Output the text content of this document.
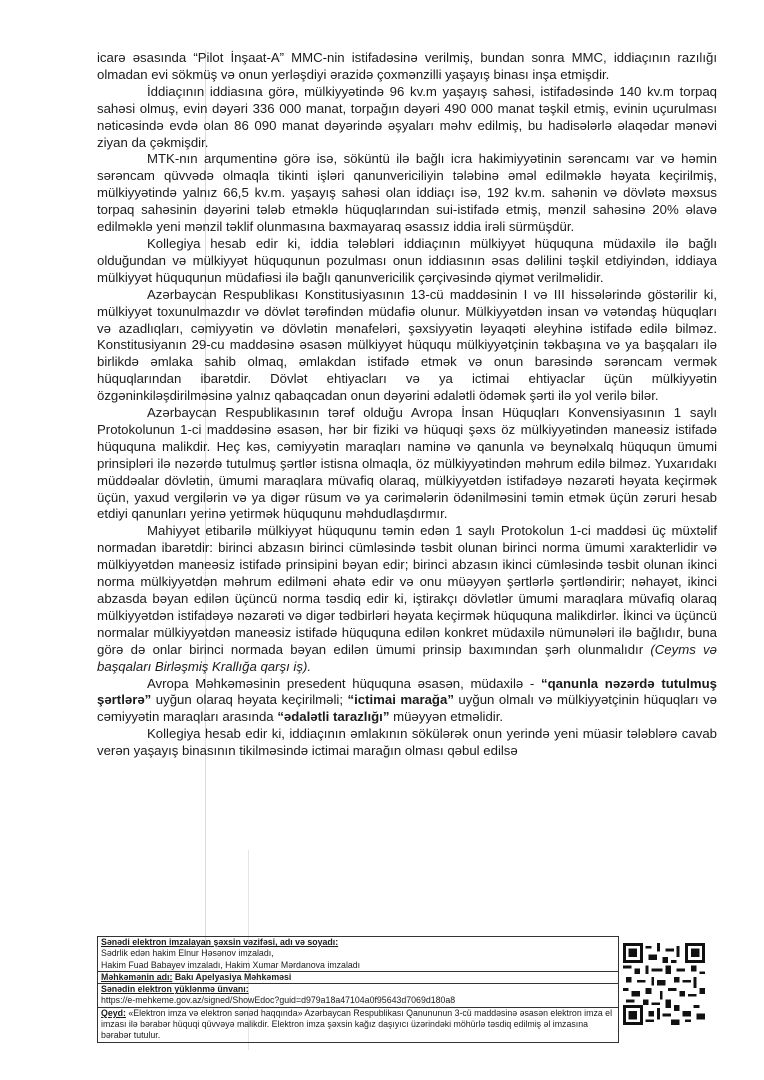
icarə əsasında “Pilot İnşaat-A” MMC-nin istifadəsinə verilmiş, bundan sonra MMC, iddiaçının razılığı olmadan evi sökmüş və onun yerləşdiyi ərazidə çoxmənzilli yaşayış binası inşa etmişdir.

İddiaçının iddiasına görə, mülkiyyətində 96 kv.m yaşayış sahəsi, istifadəsində 140 kv.m torpaq sahəsi olmuş, evin dəyəri 336 000 manat, torpağın dəyəri 490 000 manat təşkil etmiş, evinin uçurulması nəticəsində evdə olan 86 090 manat dəyərində əşyaları məhv edilmiş, bu hadisələrlə əlaqədar mənəvi ziyan da çəkmişdir.

MTK-nın arqumentinə görə isə, söküntü ilə bağlı icra hakimiyyətinin sərəncamı var və həmin sərəncam qüvvədə olmaqla tikinti işləri qanunvericiliyin tələbinə əməl edilməklə həyata keçirilmiş, mülkiyyətində yalnız 66,5 kv.m. yaşayış sahəsi olan iddiaçı isə, 192 kv.m. sahənin və dövlətə məxsus torpaq sahəsinin dəyərini tələb etməklə hüquqlarından sui-istifadə etmiş, mənzil sahəsinə 20% əlavə edilməklə yeni mənzil təklif olunmasına baxmayaraq əsassız iddia irəli sürmüşdür.

Kollegiya hesab edir ki, iddia tələbləri iddiaçının mülkiyyət hüququna müdaxilə ilə bağlı olduğundan və mülkiyyət hüququnun pozulması onun iddiasının əsas dəlilini təşkil etdiyindən, iddiaya mülkiyyət hüququnun müdafiəsi ilə bağlı qanunvericilik çərçivəsində qiymət verilməlidir.

Azərbaycan Respublikası Konstitusiyasının 13-cü maddəsinin I və III hissələrində göstərilir ki, mülkiyyət toxunulmazdır və dövlət tərəfindən müdafiə olunur. Mülkiyyətdən insan və vətəndaş hüquqları və azadlıqları, cəmiyyətin və dövlətin mənafeləri, şəxsiyyətin ləyaqəti əleyhinə istifadə edilə bilməz. Konstitusiyanın 29-cu maddəsinə əsasən mülkiyyət hüququ mülkiyyətçinin təkbaşına və ya başqaları ilə birlikdə əmlaka sahib olmaq, əmlakdan istifadə etmək və onun barəsində sərəncam vermək hüquqlarından ibarətdir. Dövlət ehtiyacları və ya ictimai ehtiyaclar üçün mülkiyyətin özgəninkiləşdirilməsinə yalnız qabaqcadan onun dəyərini ədalətli ödəmək şərti ilə yol verilə bilər.

Azərbaycan Respublikasının tərəf olduğu Avropa İnsan Hüquqları Konvensiyasının 1 saylı Protokolunun 1-ci maddəsinə əsasən, hər bir fiziki və hüquqi şəxs öz mülkiyyətindən maneəsiz istifadə hüququna malikdir. Heç kəs, cəmiyyətin maraqları naminə və qanunla və beynəlxalq hüququn ümumi prinsipləri ilə nəzərdə tutulmuş şərtlər istisna olmaqla, öz mülkiyyətindən məhrum edilə bilməz. Yuxarıdakı müddəalar dövlətin, ümumi maraqlara müvafiq olaraq, mülkiyyətdən istifadəyə nəzarəti həyata keçirmək üçün, yaxud vergilərin və ya digər rüsum və ya cərimələrin ödənilməsini təmin etmək üçün zəruri hesab etdiyi qanunları yerinə yetirmək hüququnu məhdudlaşdırmır.

Mahiyyət etibarilə mülkiyyət hüququnu təmin edən 1 saylı Protokolun 1-ci maddəsi üç müxtəlif normadan ibarətdir: birinci abzasın birinci cümləsində təsbit olunan birinci norma ümumi xarakterlidir və mülkiyyətdən maneəsiz istifadə prinsipini bəyan edir; birinci abzasın ikinci cümləsində təsbit olunan ikinci norma mülkiyyətdən məhrum edilməni əhatə edir və onu müəyyən şərtlərlə şərtləndirir; nəhayət, ikinci abzasda bəyan edilən üçüncü norma təsdiq edir ki, iştirakçı dövlətlər ümumi maraqlara müvafiq olaraq mülkiyyətdən istifadəyə nəzarəti və digər tədbirləri həyata keçirmək hüququna malikdirlər. İkinci və üçüncü normalar mülkiyyətdən maneəsiz istifadə hüququna edilən konkret müdaxilə nümunələri ilə bağlıdır, buna görə də onlar birinci normada bəyan edilən ümumi prinsip baxımından şərh olunmalıdır (Ceyms və başqaları Birləşmiş Krallığa qarşı iş).

Avropa Məhkəməsinin presedent hüququna əsasən, müdaxilə - “qanunla nəzərdə tutulmuş şərtlərə” uyğun olaraq həyata keçirilməli; “ictimai marağa” uyğun olmalı və mülkiyyətçinin hüquqları və cəmiyyətin maraqları arasında “ədalətli tarazlığı” müəyyən etməlidir.

Kollegiya hesab edir ki, iddiaçının əmlakının sökülərək onun yerində yeni müasir tələblərə cavab verən yaşayış binasının tikilməsində ictimai marağın olması qəbul edilsə

Sənədi elektron imzalayan şəxsin vəzifəsi, adı və soyadı:
Sədrlik edən hakim Elnur Həsənov imzaladı,
Hakim Fuad Babayev imzaladı, Hakim Xumar Mərdanova imzaladı
Məhkəmənin adı: Bakı Apelyasiya Məhkəməsi
Sənədin elektron yüklənmə ünvanı:
https://e-mehkeme.gov.az/signed/ShowEdoc?guid=d979a18a47104a0f95643d7069d180a8
Qeyd: «Elektron imza və elektron sənəd haqqında» Azərbaycan Respublikası Qanununun 3-cü maddəsinə əsasən elektron imza el imzası ilə bərabər hüquqi qüvvəyə malikdir. Elektron imza şəxsin kağız daşıyıcı üzərindəki möhürlə təsdiq edilmiş əl imzasına bərabər tutulur.
